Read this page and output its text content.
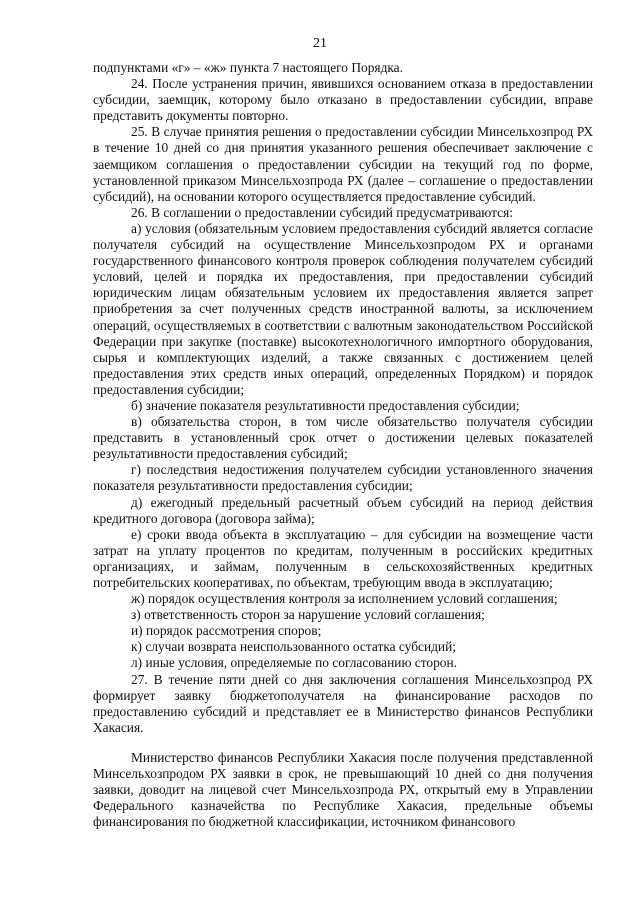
21

подпунктами «г» – «ж» пункта 7 настоящего Порядка.

24. После устранения причин, явившихся основанием отказа в предоставлении субсидии, заемщик, которому было отказано в предоставлении субсидии, вправе представить документы повторно.

25. В случае принятия решения о предоставлении субсидии Минсельхозпрод РХ в течение 10 дней со дня принятия указанного решения обеспечивает заключение с заемщиком соглашения о предоставлении субсидии на текущий год по форме, установленной приказом Минсельхозпрода РХ (далее – соглашение о предоставлении субсидий), на основании которого осуществляется предоставление субсидий.

26. В соглашении о предоставлении субсидий предусматриваются:

а) условия (обязательным условием предоставления субсидий является согласие получателя субсидий на осуществление Минсельхозпродом РХ и органами государственного финансового контроля проверок соблюдения получателем субсидий условий, целей и порядка их предоставления, при предоставлении субсидий юридическим лицам обязательным условием их предоставления является запрет приобретения за счет полученных средств иностранной валюты, за исключением операций, осуществляемых в соответствии с валютным законодательством Российской Федерации при закупке (поставке) высокотехнологичного импортного оборудования, сырья и комплектующих изделий, а также связанных с достижением целей предоставления этих средств иных операций, определенных Порядком) и порядок предоставления субсидии;

б) значение показателя результативности предоставления субсидии;

в) обязательства сторон, в том числе обязательство получателя субсидии представить в установленный срок отчет о достижении целевых показателей результативности предоставления субсидий;

г) последствия недостижения получателем субсидии установленного значения показателя результативности предоставления субсидии;

д) ежегодный предельный расчетный объем субсидий на период действия кредитного договора (договора займа);

е) сроки ввода объекта в эксплуатацию – для субсидии на возмещение части затрат на уплату процентов по кредитам, полученным в российских кредитных организациях, и займам, полученным в сельскохозяйственных кредитных потребительских кооперативах, по объектам, требующим ввода в эксплуатацию;

ж) порядок осуществления контроля за исполнением условий соглашения;

з) ответственность сторон за нарушение условий соглашения;

и) порядок рассмотрения споров;

к) случаи возврата неиспользованного остатка субсидий;

л) иные условия, определяемые по согласованию сторон.

27. В течение пяти дней со дня заключения соглашения Минсельхозпрод РХ формирует заявку бюджетополучателя на финансирование расходов по предоставлению субсидий и представляет ее в Министерство финансов Республики Хакасия.

Министерство финансов Республики Хакасия после получения представленной Минсельхозпродом РХ заявки в срок, не превышающий 10 дней со дня получения заявки, доводит на лицевой счет Минсельхозпрода РХ, открытый ему в Управлении Федерального казначейства по Республике Хакасия, предельные объемы финансирования по бюджетной классификации, источником финансового
